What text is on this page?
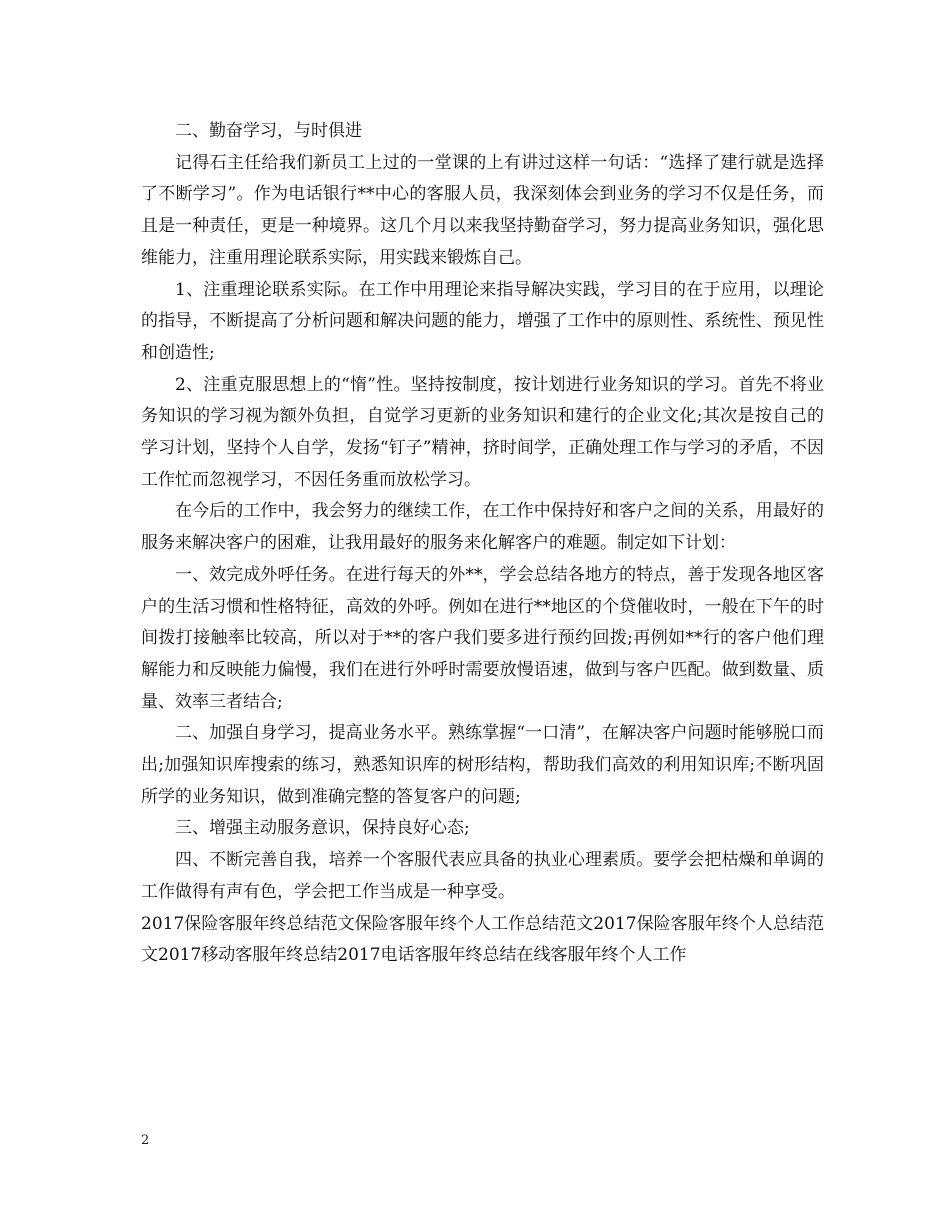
二、勤奋学习，与时俱进

记得石主任给我们新员工上过的一堂课的上有讲过这样一句话：“选择了建行就是选择了不断学习”。作为电话银行**中心的客服人员，我深刻体会到业务的学习不仅是任务，而且是一种责任，更是一种境界。这几个月以来我坚持勤奋学习，努力提高业务知识，强化思维能力，注重用理论联系实际，用实践来锻炼自己。

1、注重理论联系实际。在工作中用理论来指导解决实践，学习目的在于应用，以理论的指导，不断提高了分析问题和解决问题的能力，增强了工作中的原则性、系统性、预见性和创造性;

2、注重克服思想上的“惰”性。坚持按制度，按计划进行业务知识的学习。首先不将业务知识的学习视为额外负担，自觉学习更新的业务知识和建行的企业文化;其次是按自己的学习计划，坚持个人自学，发扬“钉子”精神，挤时间学，正确处理工作与学习的矛盾，不因工作忙而忽视学习，不因任务重而放松学习。

在今后的工作中，我会努力的继续工作，在工作中保持好和客户之间的关系，用最好的服务来解决客户的困难，让我用最好的服务来化解客户的难题。制定如下计划：

一、效完成外呼任务。在进行每天的外**，学会总结各地方的特点，善于发现各地区客户的生活习惯和性格特征，高效的外呼。例如在进行**地区的个贷催收时，一般在下午的时间拨打接触率比较高，所以对于**的客户我们要多进行预约回拨;再例如**行的客户他们理解能力和反映能力偏慢，我们在进行外呼时需要放慢语速，做到与客户匹配。做到数量、质量、效率三者结合;

二、加强自身学习，提高业务水平。熟练掌握“一口清”，在解决客户问题时能够脱口而出;加强知识库搜索的练习，熟悉知识库的树形结构，帮助我们高效的利用知识库;不断巩固所学的业务知识，做到准确完整的答复客户的问题;

三、增强主动服务意识，保持良好心态;

四、不断完善自我，培养一个客服代表应具备的执业心理素质。要学会把枯燥和单调的工作做得有声有色，学会把工作当成是一种享受。

2017保险客服年终总结范文保险客服年终个人工作总结范文2017保险客服年终个人总结范文2017移动客服年终总结2017电话客服年终总结在线客服年终个人工作

2
